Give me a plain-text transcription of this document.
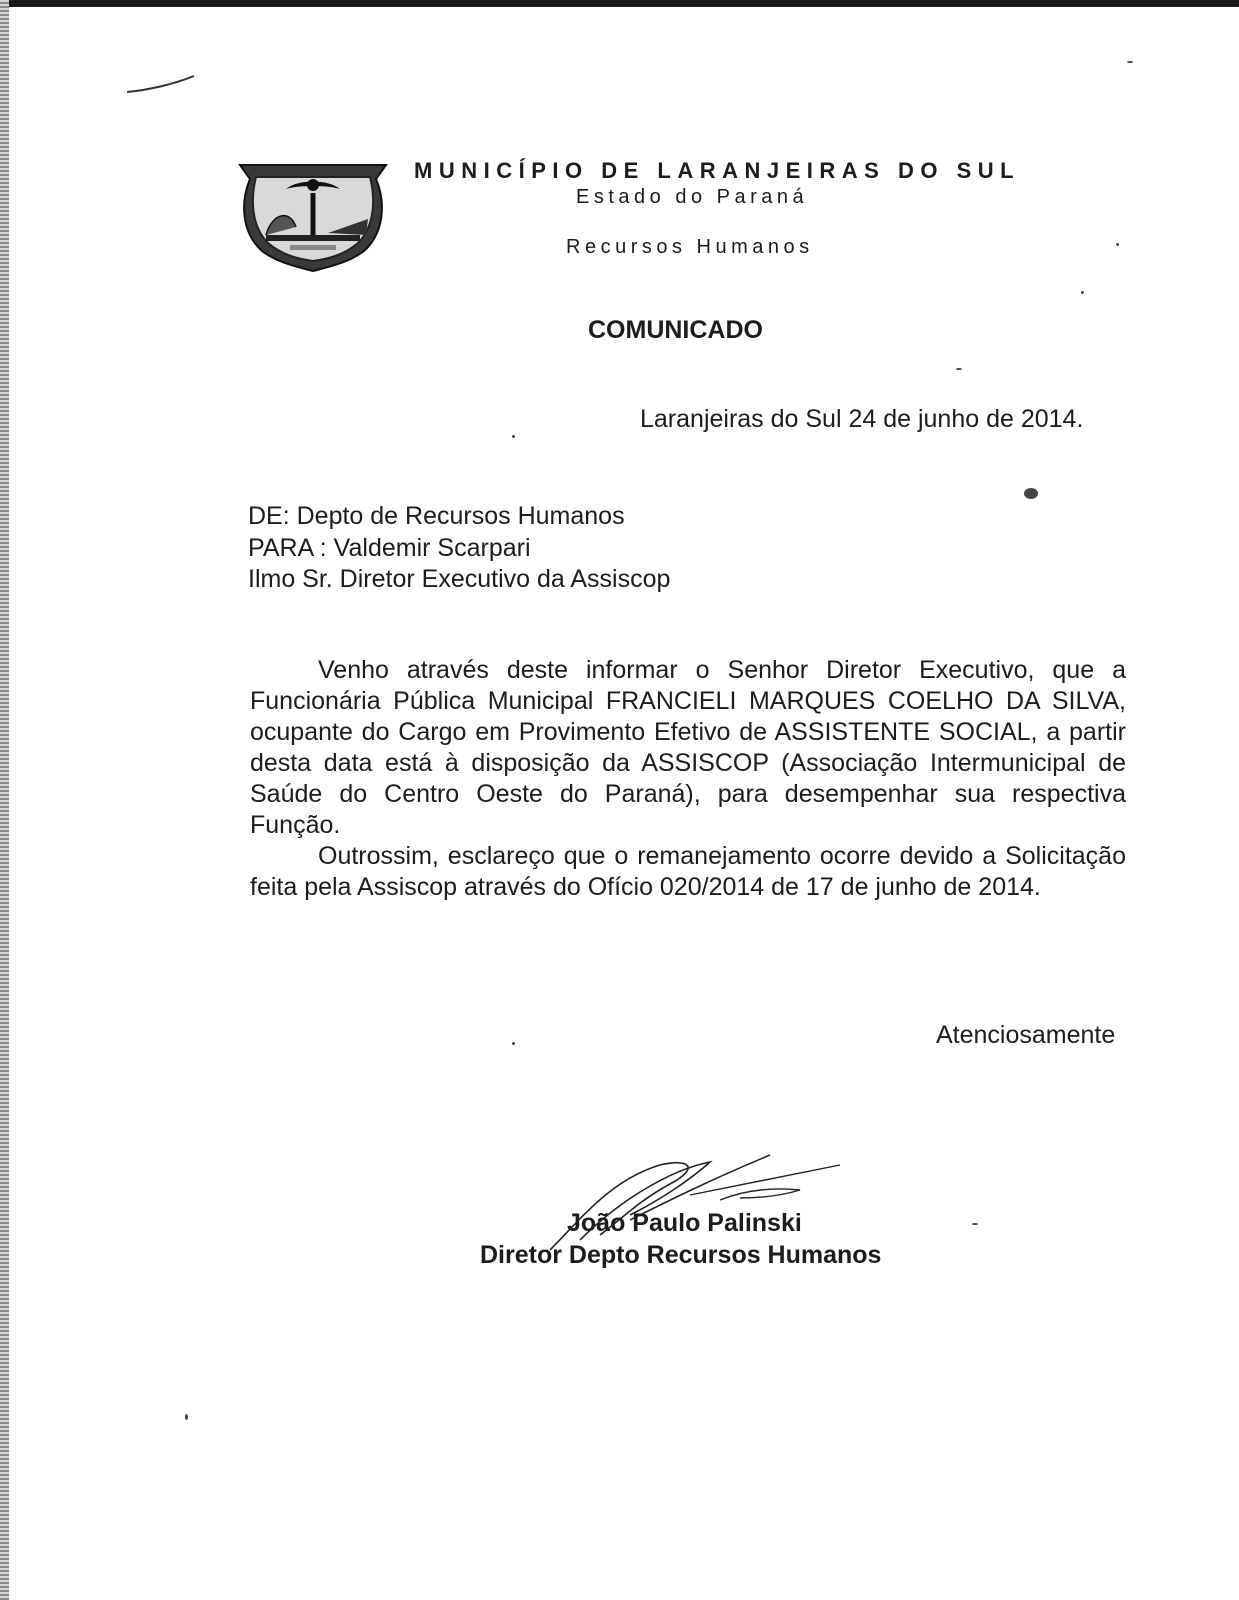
MUNICÍPIO DE LARANJEIRAS DO SUL
Estado do Paraná
Recursos Humanos
COMUNICADO
Laranjeiras do Sul 24 de junho de 2014.
DE: Depto de Recursos Humanos
PARA : Valdemir Scarpari
Ilmo Sr. Diretor Executivo da Assiscop

Venho através deste informar o Senhor Diretor Executivo, que a Funcionária Pública Municipal FRANCIELI MARQUES COELHO DA SILVA, ocupante do Cargo em Provimento Efetivo de ASSISTENTE SOCIAL, a partir desta data está à disposição da ASSISCOP (Associação Intermunicipal de Saúde do Centro Oeste do Paraná), para desempenhar sua respectiva Função.

Outrossim, esclareço que o remanejamento ocorre devido a Solicitação feita pela Assiscop através do Ofício 020/2014 de 17 de junho de 2014.

Atenciosamente
João Paulo Palinski
Diretor Depto Recursos Humanos
